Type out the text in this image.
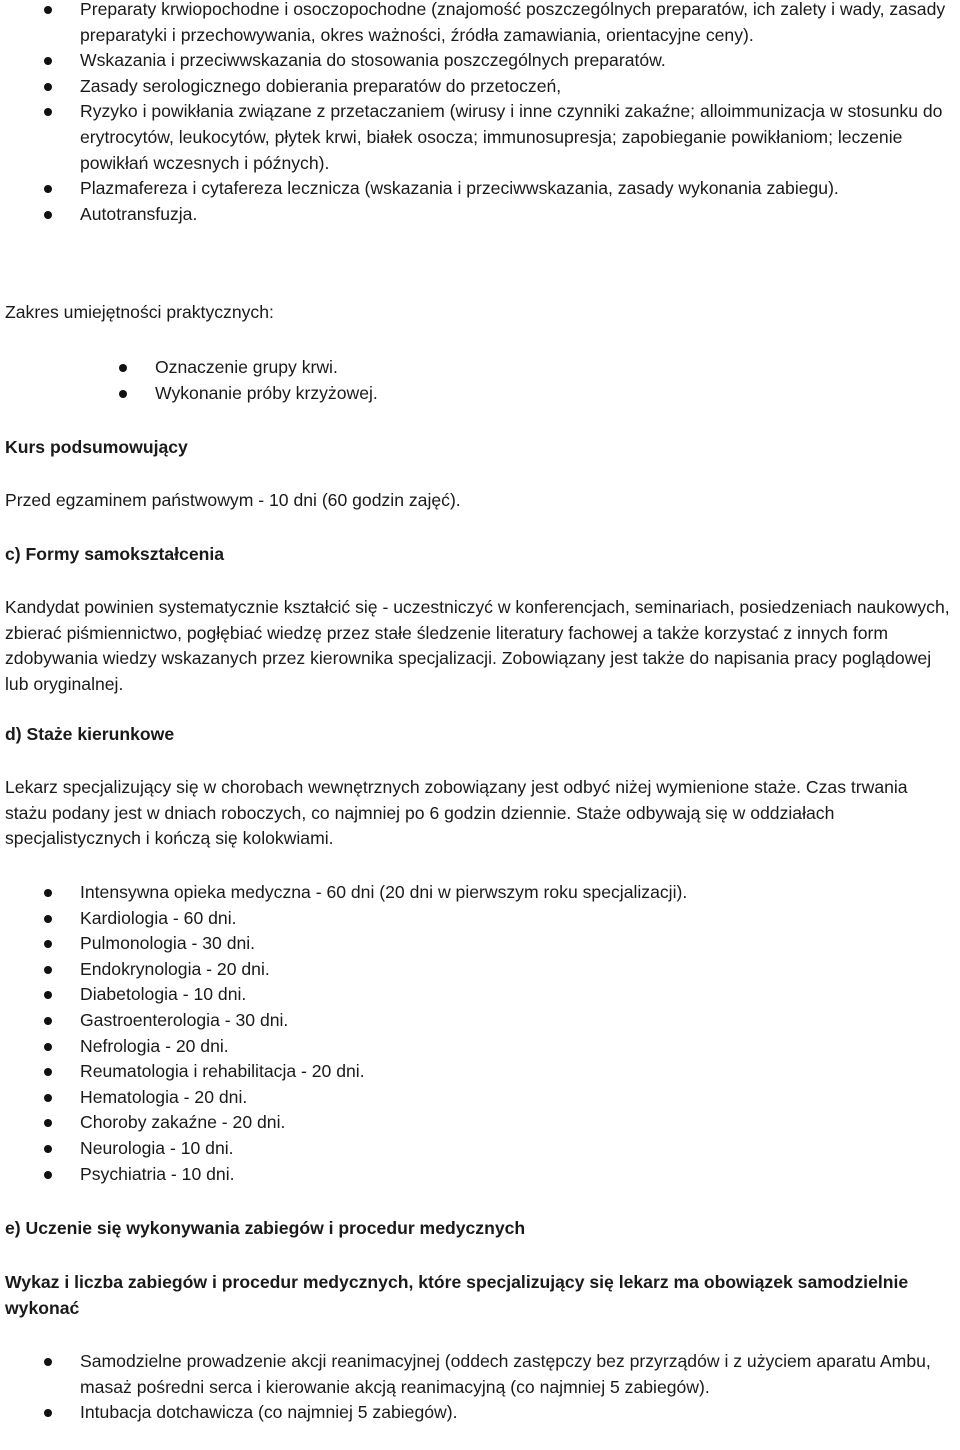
Preparaty krwiopochodne i osoczopochodne (znajomość poszczególnych preparatów, ich zalety i wady, zasady preparatyki i przechowywania, okres ważności, źródła zamawiania, orientacyjne ceny).
Wskazania i przeciwwskazania do stosowania poszczególnych preparatów.
Zasady serologicznego dobierania preparatów do przetoczeń,
Ryzyko i powikłania związane z przetaczaniem (wirusy i inne czynniki zakaźne; alloimmunizacja w stosunku do erytrocytów, leukocytów, płytek krwi, białek osocza; immunosupresja; zapobieganie powikłaniom; leczenie powikłań wczesnych i późnych).
Plazmafereza i cytafereza lecznicza (wskazania i przeciwwskazania, zasady wykonania zabiegu).
Autotransfuzja.
Zakres umiejętności praktycznych:
Oznaczenie grupy krwi.
Wykonanie próby krzyżowej.
Kurs podsumowujący
Przed egzaminem państwowym - 10 dni (60 godzin zajęć).
c) Formy samokształcenia
Kandydat powinien systematycznie kształcić się - uczestniczyć w konferencjach, seminariach, posiedzeniach naukowych, zbierać piśmiennictwo, pogłębiać wiedzę przez stałe śledzenie literatury fachowej a także korzystać z innych form zdobywania wiedzy wskazanych przez kierownika specjalizacji. Zobowiązany jest także do napisania pracy poglądowej lub oryginalnej.
d) Staże kierunkowe
Lekarz specjalizujący się w chorobach wewnętrznych zobowiązany jest odbyć niżej wymienione staże. Czas trwania stażu podany jest w dniach roboczych, co najmniej po 6 godzin dziennie. Staże odbywają się w oddziałach specjalistycznych i kończą się kolokwiami.
Intensywna opieka medyczna - 60 dni (20 dni w pierwszym roku specjalizacji).
Kardiologia - 60 dni.
Pulmonologia - 30 dni.
Endokrynologia - 20 dni.
Diabetologia - 10 dni.
Gastroenterologia - 30 dni.
Nefrologia - 20 dni.
Reumatologia i rehabilitacja - 20 dni.
Hematologia - 20 dni.
Choroby zakaźne - 20 dni.
Neurologia - 10 dni.
Psychiatria - 10 dni.
e) Uczenie się wykonywania zabiegów i procedur medycznych
Wykaz i liczba zabiegów i procedur medycznych, które specjalizujący się lekarz ma obowiązek samodzielnie wykonać
Samodzielne prowadzenie akcji reanimacyjnej (oddech zastępczy bez przyrządów i z użyciem aparatu Ambu, masaż pośredni serca i kierowanie akcją reanimacyjną (co najmniej 5 zabiegów).
Intubacja dotchawicza (co najmniej 5 zabiegów).
